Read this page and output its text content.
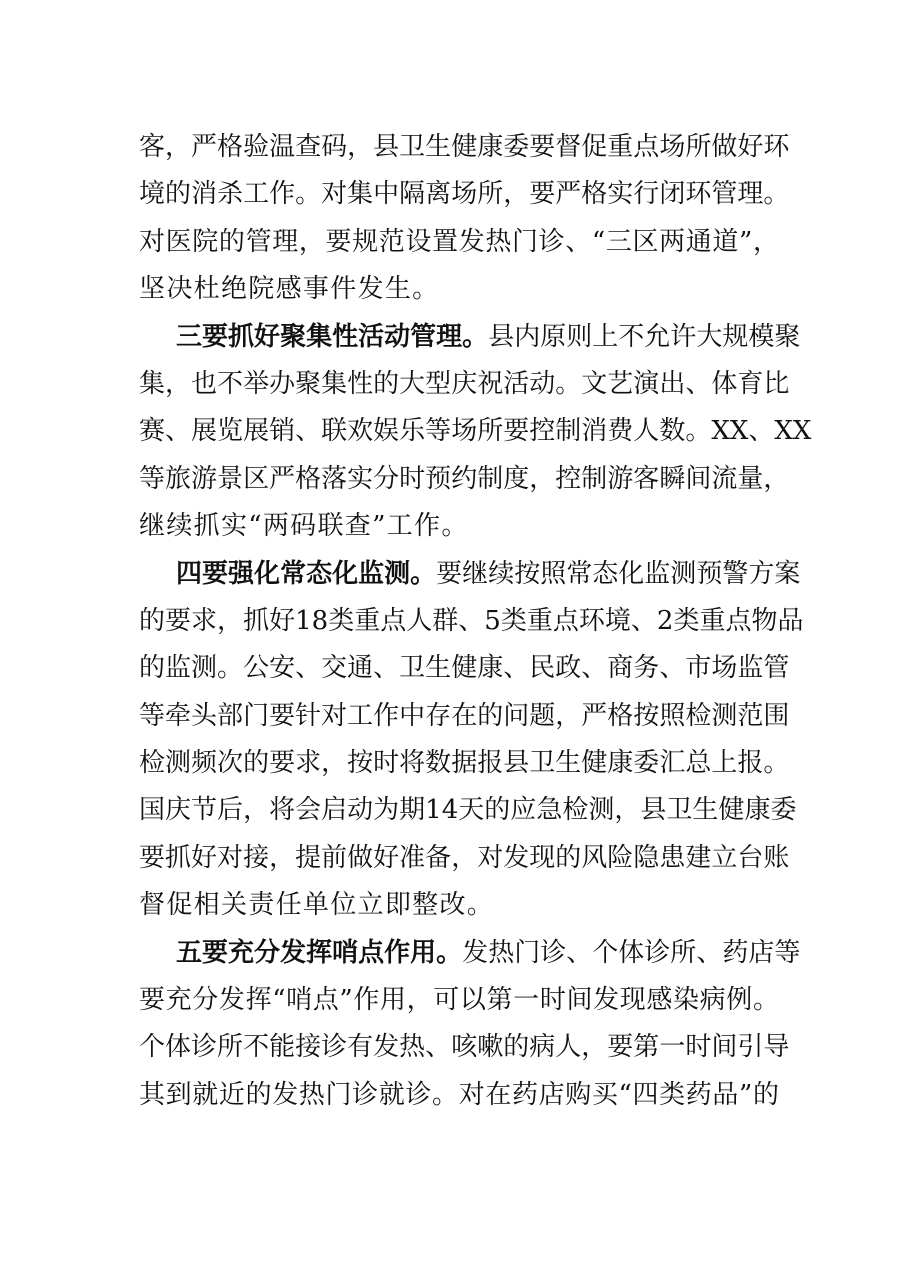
客 ， 严 格 验 温 查 码 ， 县 卫 生 健 康 委 要 督 促 重 点 场 所 做 好 环
境 的 消 杀 工 作 。 对 集 中 隔 离 场 所 ， 要 严 格 实 行 闭 环 管 理 。
对 医 院 的 管 理 ， 要 规 范 设 置 发 热 门 诊 、 “ 三 区 两 通 道 ” ，
坚 决 杜 绝 院 感 事 件 发 生 。
三 要 抓 好 聚 集 性 活 动 管 理 。 县 内 原 则 上 不 允 许 大 规 模 聚
集 ， 也 不 举 办 聚 集 性 的 大 型 庆 祝 活 动 。 文 艺 演 出 、 体 育 比
赛 、 展 览 展 销 、 联 欢 娱 乐 等 场 所 要 控 制 消 费 人 数 。 XX 、 XX
等 旅 游 景 区 严 格 落 实 分 时 预 约 制 度 ， 控 制 游 客 瞬 间 流 量 ，
继 续 抓 实 “ 两 码 联 查 ” 工 作 。
四 要 强 化 常 态 化 监 测 。 要 继 续 按 照 常 态 化 监 测 预 警 方 案
的 要 求 ， 抓 好 18 类 重 点 人 群 、 5 类 重 点 环 境 、 2 类 重 点 物 品
的 监 测 。 公 安 、 交 通 、 卫 生 健 康 、 民 政 、 商 务 、 市 场 监 管
等 牵 头 部 门 要 针 对 工 作 中 存 在 的 问 题 ， 严 格 按 照 检 测 范 围
检 测 频 次 的 要 求 ， 按 时 将 数 据 报 县 卫 生 健 康 委 汇 总 上 报 。
国 庆 节 后 ， 将 会 启 动 为 期 14 天 的 应 急 检 测 ， 县 卫 生 健 康 委
要 抓 好 对 接 ， 提 前 做 好 准 备 ， 对 发 现 的 风 险 隐 患 建 立 台 账
督 促 相 关 责 任 单 位 立 即 整 改 。
五 要 充 分 发 挥 哨 点 作 用 。 发 热 门 诊 、 个 体 诊 所 、 药 店 等
要 充 分 发 挥 “ 哨 点 ” 作 用 ， 可 以 第 一 时 间 发 现 感 染 病 例 。
个 体 诊 所 不 能 接 诊 有 发 热 、 咳 嗽 的 病 人 ， 要 第 一 时 间 引 导
其 到 就 近 的 发 热 门 诊 就 诊 。 对 在 药 店 购 买 “ 四 类 药 品 ” 的
